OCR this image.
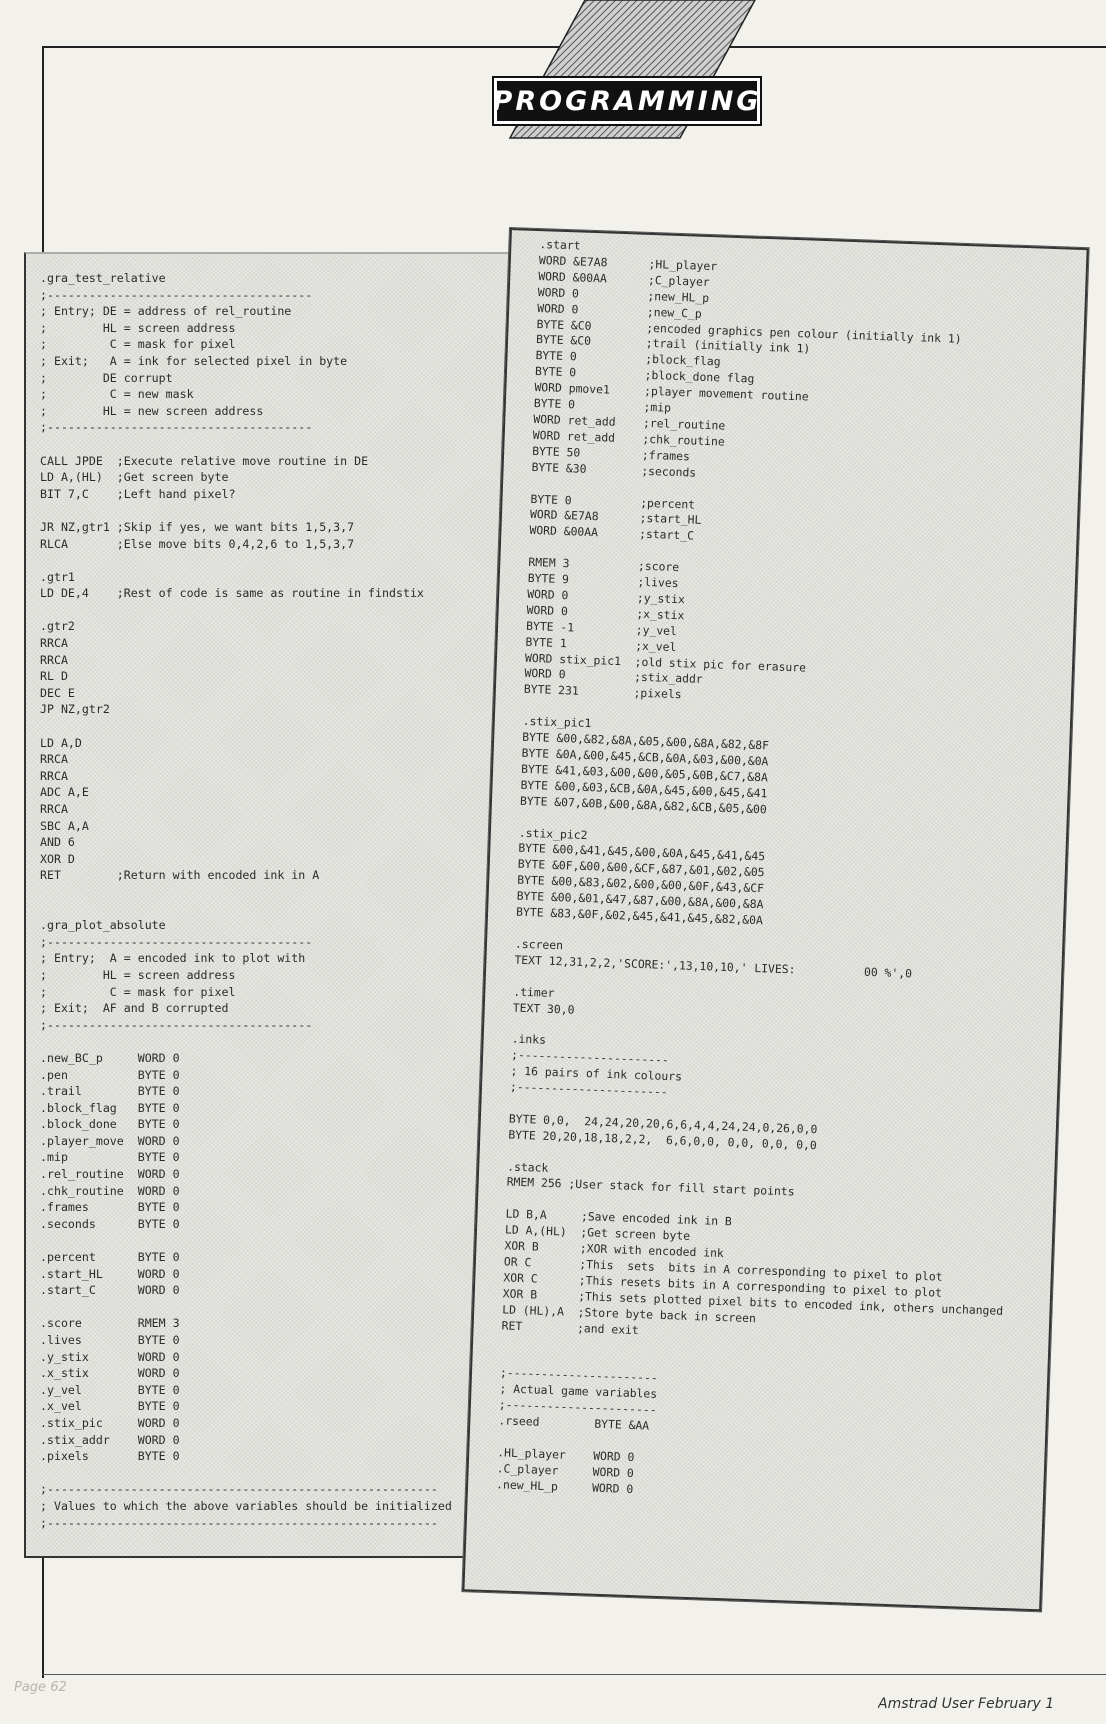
PROGRAMMING
.gra_test_relative
;--------------------------------------
; Entry; DE = address of rel_routine
;        HL = screen address
;         C = mask for pixel
; Exit;   A = ink for selected pixel in byte
;        DE corrupt
;         C = new mask
;        HL = new screen address
;--------------------------------------

CALL JPDE  ;Execute relative move routine in DE
LD A,(HL)  ;Get screen byte
BIT 7,C    ;Left hand pixel?

JR NZ,gtr1 ;Skip if yes, we want bits 1,5,3,7
RLCA       ;Else move bits 0,4,2,6 to 1,5,3,7

.gtr1
LD DE,4    ;Rest of code is same as routine in findstix

.gtr2
RRCA
RRCA
RL D
DEC E
JP NZ,gtr2

LD A,D
RRCA
RRCA
ADC A,E
RRCA
SBC A,A
AND 6
XOR D
RET        ;Return with encoded ink in A

.gra_plot_absolute
;--------------------------------------
; Entry;  A = encoded ink to plot with
;        HL = screen address
;         C = mask for pixel
; Exit;  AF and B corrupted
;--------------------------------------

.new_BC_p     WORD 0
.pen          BYTE 0
.trail        BYTE 0
.block_flag   BYTE 0
.block_done   BYTE 0
.player_move  WORD 0
.mip          BYTE 0
.rel_routine  WORD 0
.chk_routine  WORD 0
.frames       BYTE 0
.seconds      BYTE 0

.percent      BYTE 0
.start_HL     WORD 0
.start_C      WORD 0

.score        RMEM 3
.lives        BYTE 0
.y_stix       WORD 0
.x_stix       WORD 0
.y_vel        BYTE 0
.x_vel        BYTE 0
.stix_pic     WORD 0
.stix_addr    WORD 0
.pixels       BYTE 0

;--------------------------------------------------------
; Values to which the above variables should be initialized
;--------------------------------------------------------
.start
WORD &E7A8      ;HL_player
WORD &00AA      ;C_player
WORD 0          ;new_HL_p
WORD 0          ;new_C_p
BYTE &C0        ;encoded graphics pen colour (initially ink 1)
BYTE &C0        ;trail (initially ink 1)
BYTE 0          ;block_flag
BYTE 0          ;block_done flag
WORD pmove1     ;player movement routine
BYTE 0          ;mip
WORD ret_add    ;rel_routine
WORD ret_add    ;chk_routine
BYTE 50         ;frames
BYTE &30        ;seconds

BYTE 0          ;percent
WORD &E7A8      ;start_HL
WORD &00AA      ;start_C

RMEM 3          ;score
BYTE 9          ;lives
WORD 0          ;y_stix
WORD 0          ;x_stix
BYTE -1         ;y_vel
BYTE 1          ;x_vel
WORD stix_pic1  ;old stix pic for erasure
WORD 0          ;stix_addr
BYTE 231        ;pixels

.stix_pic1
BYTE &00,&82,&8A,&05,&00,&8A,&82,&8F
BYTE &0A,&00,&45,&CB,&0A,&03,&00,&0A
BYTE &41,&03,&00,&00,&05,&0B,&C7,&8A
BYTE &00,&03,&CB,&0A,&45,&00,&45,&41
BYTE &07,&0B,&00,&8A,&82,&CB,&05,&00

.stix_pic2
BYTE &00,&41,&45,&00,&0A,&45,&41,&45
BYTE &0F,&00,&00,&CF,&87,&01,&02,&05
BYTE &00,&83,&02,&00,&00,&0F,&43,&CF
BYTE &00,&01,&47,&87,&00,&8A,&00,&8A
BYTE &83,&0F,&02,&45,&41,&45,&82,&0A

.screen
TEXT 12,31,2,2,'SCORE:',13,10,10,' LIVES:          00 %',0

.timer
TEXT 30,0

.inks
;----------------------
; 16 pairs of ink colours
;----------------------

BYTE 0,0,  24,24,20,20,6,6,4,4,24,24,0,26,0,0
BYTE 20,20,18,18,2,2,  6,6,0,0, 0,0, 0,0, 0,0

.stack
RMEM 256 ;User stack for fill start points

LD B,A     ;Save encoded ink in B
LD A,(HL)  ;Get screen byte
XOR B      ;XOR with encoded ink
OR C       ;This  sets  bits in A corresponding to pixel to plot
XOR C      ;This resets bits in A corresponding to pixel to plot
XOR B      ;This sets plotted pixel bits to encoded ink, others unchanged
LD (HL),A  ;Store byte back in screen
RET        ;and exit

;----------------------
; Actual game variables
;----------------------
.rseed        BYTE &AA

.HL_player    WORD 0
.C_player     WORD 0
.new_HL_p     WORD 0
Page 62
Amstrad User February 1
